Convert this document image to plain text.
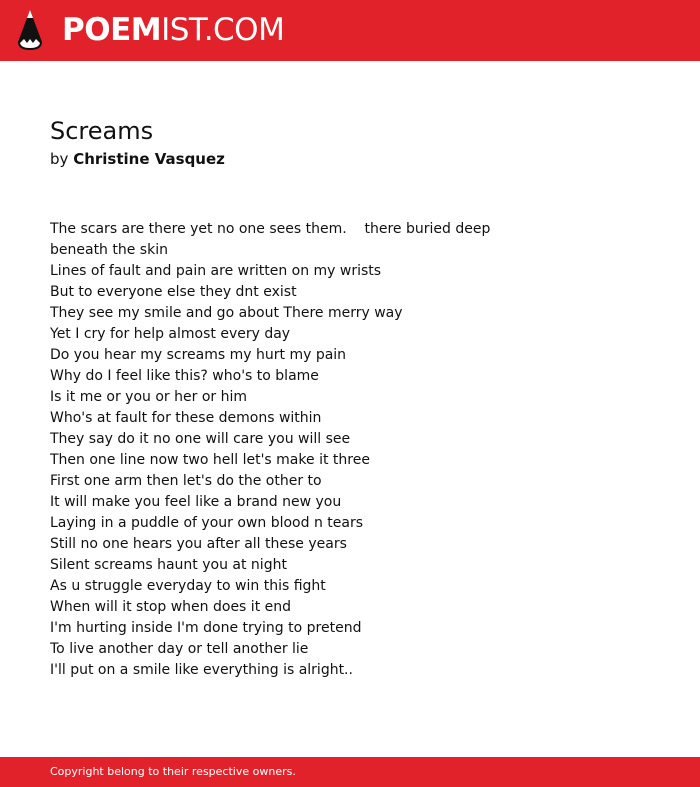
POEMIST.COM
Screams
by Christine Vasquez
The scars are there yet no one sees them.    there buried deep beneath the skin
Lines of fault and pain are written on my wrists
But to everyone else they dnt exist
They see my smile and go about There merry way
Yet I cry for help almost every day
Do you hear my screams my hurt my pain
Why do I feel like this? who's to blame
Is it me or you or her or him
Who's at fault for these demons within
They say do it no one will care you will see
Then one line now two hell let's make it three
First one arm then let's do the other to
It will make you feel like a brand new you
Laying in a puddle of your own blood n tears
Still no one hears you after all these years
Silent screams haunt you at night
As u struggle everyday to win this fight
When will it stop when does it end
I'm hurting inside I'm done trying to pretend
To live another day or tell another lie
I'll put on a smile like everything is alright..
Copyright belong to their respective owners.
